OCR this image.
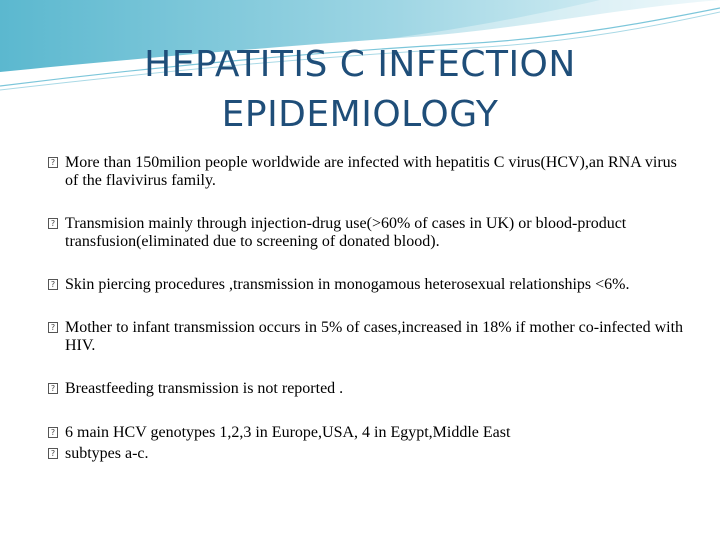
HEPATITIS C INFECTION
EPIDEMIOLOGY

?
More than 150milion people worldwide are infected with hepatitis C virus(HCV),an RNA virus of the flavivirus family.

?
Transmision mainly through injection-drug use(>60% of cases in UK) or blood-product transfusion(eliminated due to screening of donated blood).

?
Skin piercing procedures ,transmission in monogamous heterosexual relationships <6%.

?
Mother to infant transmission occurs in 5% of cases,increased in 18% if mother co-infected with HIV.

?
Breastfeeding transmission is not reported .

?
6 main HCV genotypes 1,2,3 in Europe,USA, 4 in Egypt,Middle East

?
subtypes a-c.
